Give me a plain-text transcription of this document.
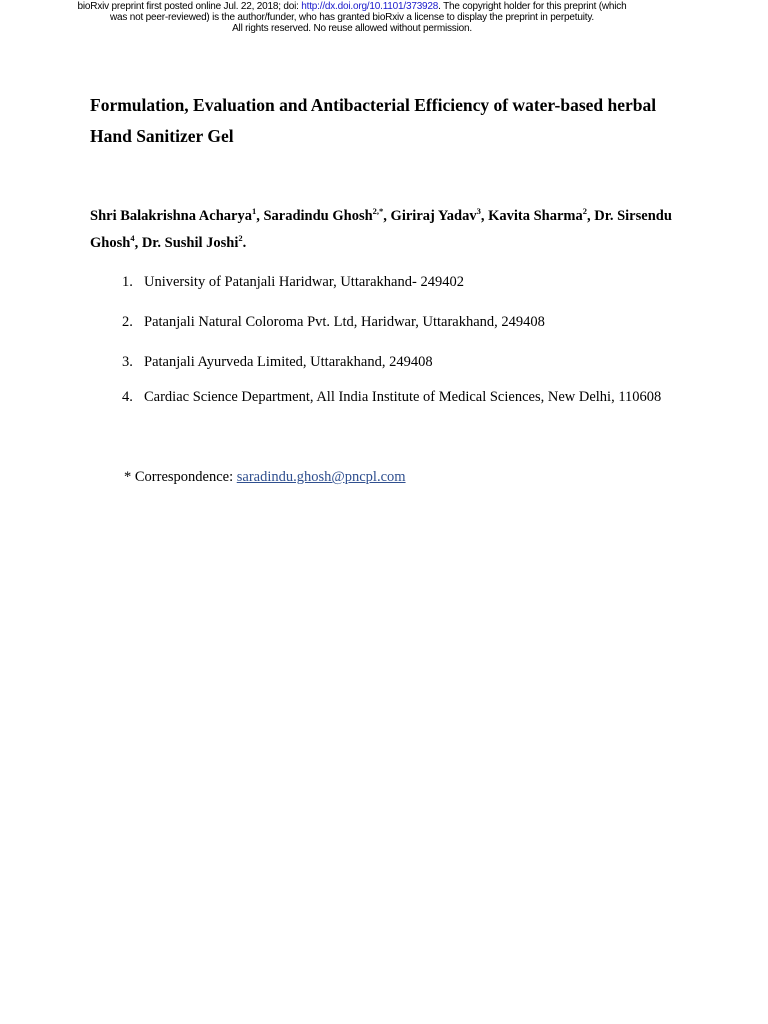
bioRxiv preprint first posted online Jul. 22, 2018; doi: http://dx.doi.org/10.1101/373928. The copyright holder for this preprint (which
was not peer-reviewed) is the author/funder, who has granted bioRxiv a license to display the preprint in perpetuity.
All rights reserved. No reuse allowed without permission.
Formulation, Evaluation and Antibacterial Efficiency of water-based herbal Hand Sanitizer Gel

Shri Balakrishna Acharya$^1$, Saradindu Ghosh$^{2,*}$, Giriraj Yadav$^3$, Kavita Sharma$^2$, Dr. Sirsendu Ghosh$^4$, Dr. Sushil Joshi$^2$.

1. University of Patanjali Haridwar, Uttarakhand- 249402
2. Patanjali Natural Coloroma Pvt. Ltd, Haridwar, Uttarakhand, 249408
3. Patanjali Ayurveda Limited, Uttarakhand, 249408
4. Cardiac Science Department, All India Institute of Medical Sciences, New Delhi, 110608
* Correspondence: saradindu.ghosh@pncpl.com
